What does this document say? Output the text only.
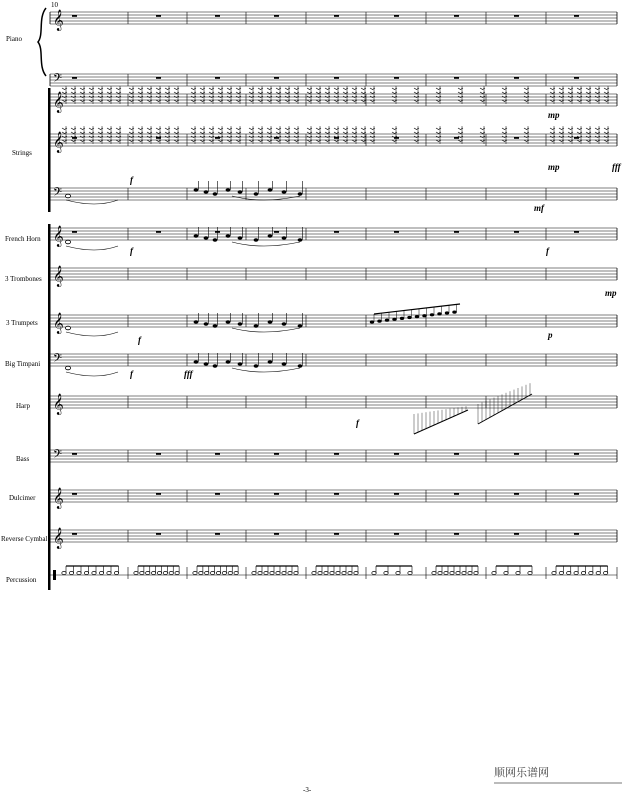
𝄞
𝄢
𝄞
𝄞
𝄢
𝄞
𝄞
𝄞
𝄢
𝄞
𝄢
𝄞
𝄞
10
Piano
Strings
French Horn
3 Trombones
3 Trumpets
Big Timpani
Harp
Bass
Dulcimer
Reverse Cymbal
Percussion
f
mp
mp	fff
mf
f	f
mp
f	p
f	fff
f
-3-
顺网乐谱网
